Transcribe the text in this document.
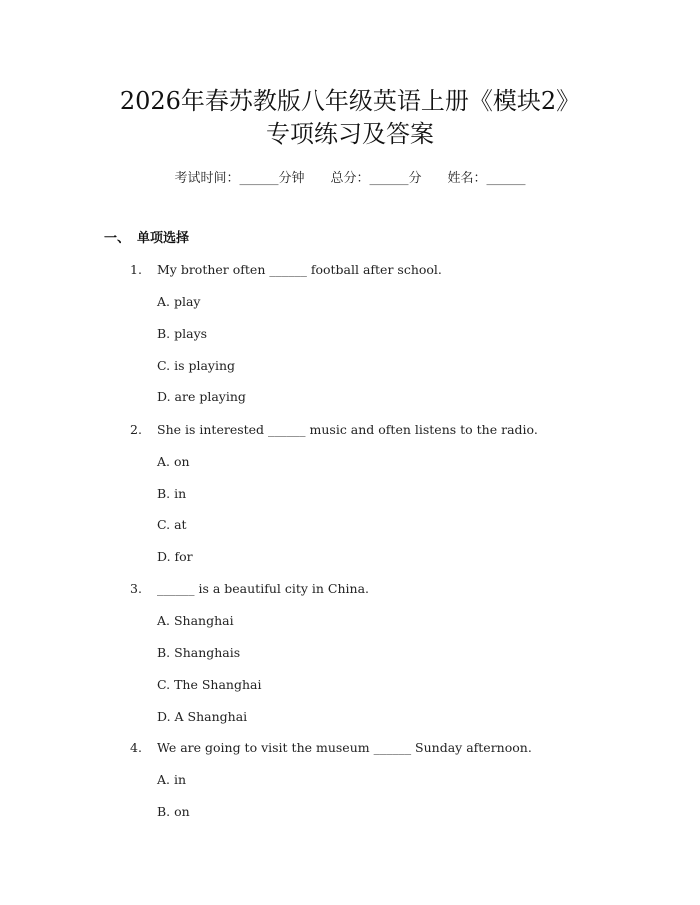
2026年春苏教版八年级英语上册《模块2》
专项练习及答案
考试时间：______分钟 总分：______分 姓名：______
一、 单项选择
1. My brother often ______ football after school.
A. play
B. plays
C. is playing
D. are playing
2. She is interested ______ music and often listens to the radio.
A. on
B. in
C. at
D. for
3. ______ is a beautiful city in China.
A. Shanghai
B. Shanghais
C. The Shanghai
D. A Shanghai
4. We are going to visit the museum ______ Sunday afternoon.
A. in
B. on
